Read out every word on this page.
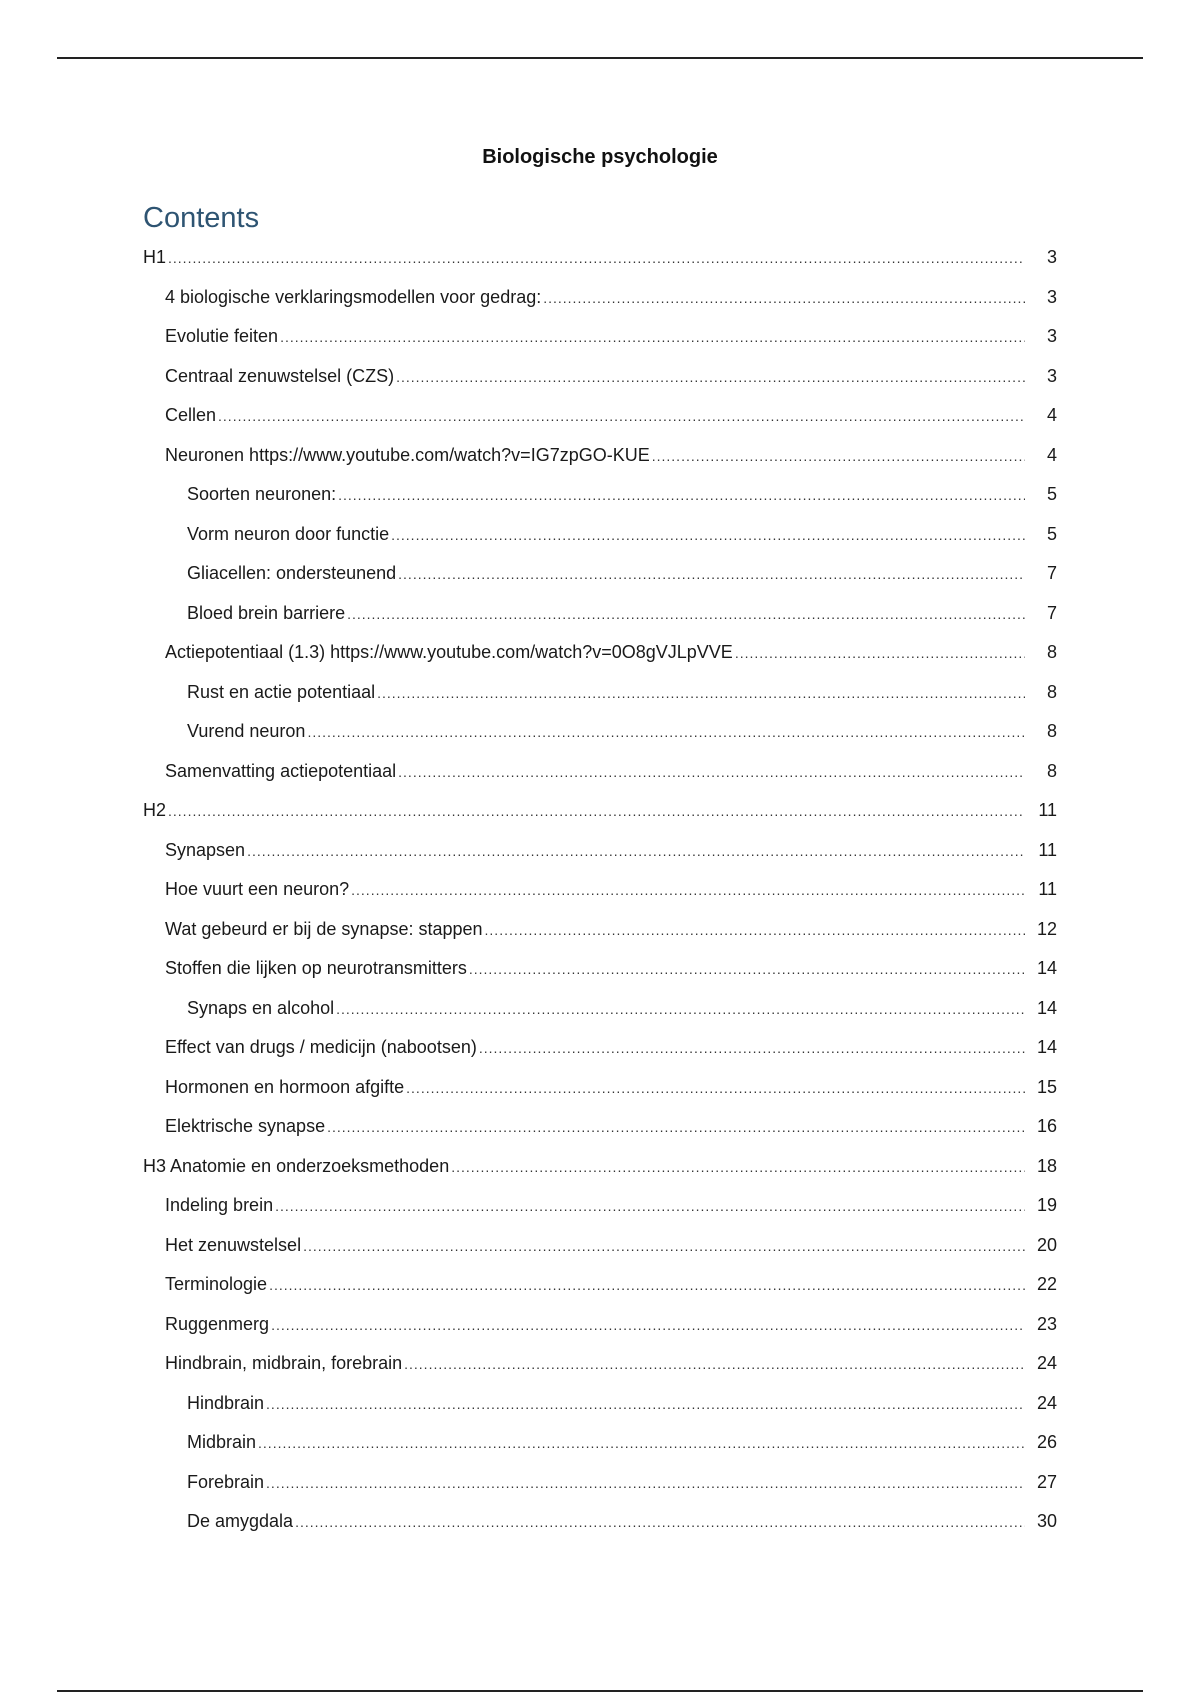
Biologische psychologie
Contents
H1 .....	3
4 biologische verklaringsmodellen voor gedrag: .....	3
Evolutie feiten .....	3
Centraal zenuwstelsel (CZS) .....	3
Cellen .....	4
Neuronen https://www.youtube.com/watch?v=IG7zpGO-KUE .....	4
Soorten neuronen: .....	5
Vorm neuron door functie .....	5
Gliacellen: ondersteunend .....	7
Bloed brein barriere .....	7
Actiepotentiaal (1.3) https://www.youtube.com/watch?v=0O8gVJLpVVE .....	8
Rust en actie potentiaal .....	8
Vurend neuron .....	8
Samenvatting actiepotentiaal .....	8
H2 .....	11
Synapsen .....	11
Hoe vuurt een neuron? .....	11
Wat gebeurd er bij de synapse: stappen .....	12
Stoffen die lijken op neurotransmitters .....	14
Synaps en alcohol .....	14
Effect van drugs / medicijn (nabootsen) .....	14
Hormonen en hormoon afgifte .....	15
Elektrische synapse .....	16
H3 Anatomie en onderzoeksmethoden .....	18
Indeling brein .....	19
Het zenuwstelsel .....	20
Terminologie .....	22
Ruggenmerg .....	23
Hindbrain, midbrain, forebrain .....	24
Hindbrain .....	24
Midbrain .....	26
Forebrain .....	27
De amygdala .....	30
